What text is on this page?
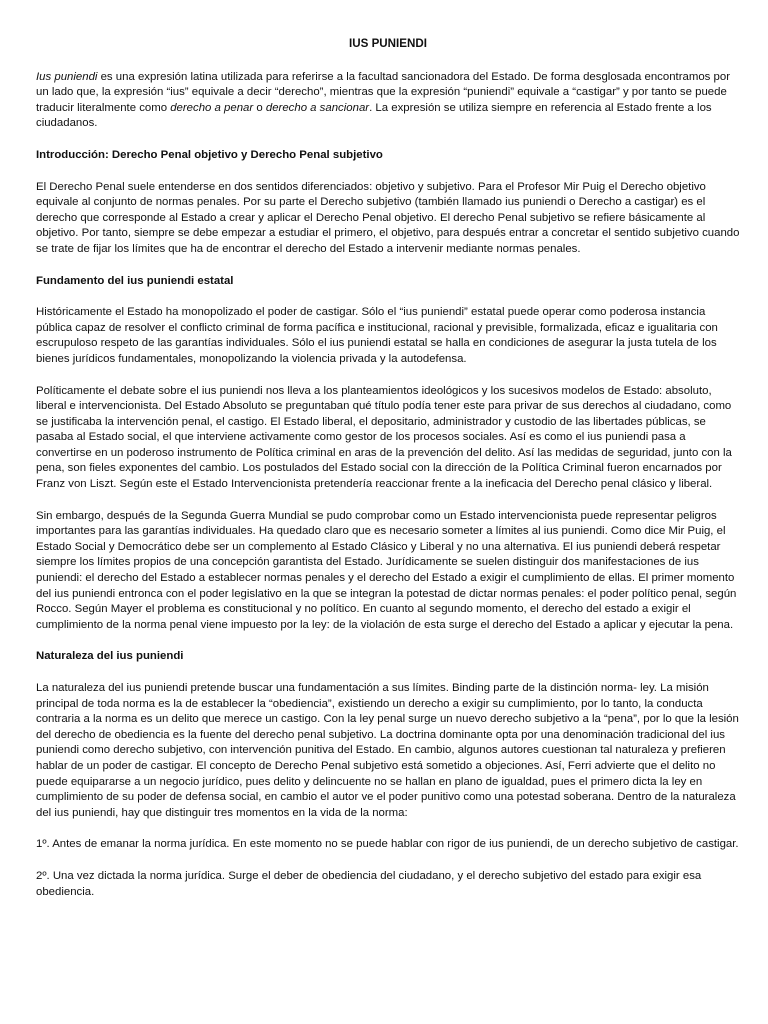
IUS PUNIENDI

Ius puniendi es una expresión latina utilizada para referirse a la facultad sancionadora del Estado. De forma desglosada encontramos por un lado que, la expresión “ius” equivale a decir “derecho”, mientras que la expresión “puniendi” equivale a “castigar” y por tanto se puede traducir literalmente como derecho a penar o derecho a sancionar. La expresión se utiliza siempre en referencia al Estado frente a los ciudadanos.

Introducción: Derecho Penal objetivo y Derecho Penal subjetivo

El Derecho Penal suele entenderse en dos sentidos diferenciados: objetivo y subjetivo. Para el Profesor Mir Puig el Derecho objetivo equivale al conjunto de normas penales. Por su parte el Derecho subjetivo (también llamado ius puniendi o Derecho a castigar) es el derecho que corresponde al Estado a crear y aplicar el Derecho Penal objetivo. El derecho Penal subjetivo se refiere básicamente al objetivo. Por tanto, siempre se debe empezar a estudiar el primero, el objetivo, para después entrar a concretar el sentido subjetivo cuando se trate de fijar los límites que ha de encontrar el derecho del Estado a intervenir mediante normas penales.

Fundamento del ius puniendi estatal

Históricamente el Estado ha monopolizado el poder de castigar. Sólo el “ius puniendi” estatal puede operar como poderosa instancia pública capaz de resolver el conflicto criminal de forma pacífica e institucional, racional y previsible, formalizada, eficaz e igualitaria con escrupuloso respeto de las garantías individuales. Sólo el ius puniendi estatal se halla en condiciones de asegurar la justa tutela de los bienes jurídicos fundamentales, monopolizando la violencia privada y la autodefensa.

Políticamente el debate sobre el ius puniendi nos lleva a los planteamientos ideológicos y los sucesivos modelos de Estado: absoluto, liberal e intervencionista. Del Estado Absoluto se preguntaban qué título podía tener este para privar de sus derechos al ciudadano, como se justificaba la intervención penal, el castigo. El Estado liberal, el depositario, administrador y custodio de las libertades públicas, se pasaba al Estado social, el que interviene activamente como gestor de los procesos sociales. Así es como el ius puniendi pasa a convertirse en un poderoso instrumento de Política criminal en aras de la prevención del delito. Así las medidas de seguridad, junto con la pena, son fieles exponentes del cambio. Los postulados del Estado social con la dirección de la Política Criminal fueron encarnados por Franz von Liszt. Según este el Estado Intervencionista pretendería reaccionar frente a la ineficacia del Derecho penal clásico y liberal.

Sin embargo, después de la Segunda Guerra Mundial se pudo comprobar como un Estado intervencionista puede representar peligros importantes para las garantías individuales. Ha quedado claro que es necesario someter a límites al ius puniendi. Como dice Mir Puig, el Estado Social y Democrático debe ser un complemento al Estado Clásico y Liberal y no una alternativa. El ius puniendi deberá respetar siempre los límites propios de una concepción garantista del Estado. Jurídicamente se suelen distinguir dos manifestaciones de ius puniendi: el derecho del Estado a establecer normas penales y el derecho del Estado a exigir el cumplimiento de ellas. El primer momento del ius puniendi entronca con el poder legislativo en la que se integran la potestad de dictar normas penales: el poder político penal, según Rocco. Según Mayer el problema es constitucional y no político. En cuanto al segundo momento, el derecho del estado a exigir el cumplimiento de la norma penal viene impuesto por la ley: de la violación de esta surge el derecho del Estado a aplicar y ejecutar la pena.

Naturaleza del ius puniendi

La naturaleza del ius puniendi pretende buscar una fundamentación a sus límites. Binding parte de la distinción norma- ley. La misión principal de toda norma es la de establecer la “obediencia”, existiendo un derecho a exigir su cumplimiento, por lo tanto, la conducta contraria a la norma es un delito que merece un castigo. Con la ley penal surge un nuevo derecho subjetivo a la “pena”, por lo que la lesión del derecho de obediencia es la fuente del derecho penal subjetivo. La doctrina dominante opta por una denominación tradicional del ius puniendi como derecho subjetivo, con intervención punitiva del Estado. En cambio, algunos autores cuestionan tal naturaleza y prefieren hablar de un poder de castigar. El concepto de Derecho Penal subjetivo está sometido a objeciones. Así, Ferri advierte que el delito no puede equipararse a un negocio jurídico, pues delito y delincuente no se hallan en plano de igualdad, pues el primero dicta la ley en cumplimiento de su poder de defensa social, en cambio el autor ve el poder punitivo como una potestad soberana. Dentro de la naturaleza del ius puniendi, hay que distinguir tres momentos en la vida de la norma:

1º. Antes de emanar la norma jurídica. En este momento no se puede hablar con rigor de ius puniendi, de un derecho subjetivo de castigar.

2º. Una vez dictada la norma jurídica. Surge el deber de obediencia del ciudadano, y el derecho subjetivo del estado para exigir esa obediencia.
